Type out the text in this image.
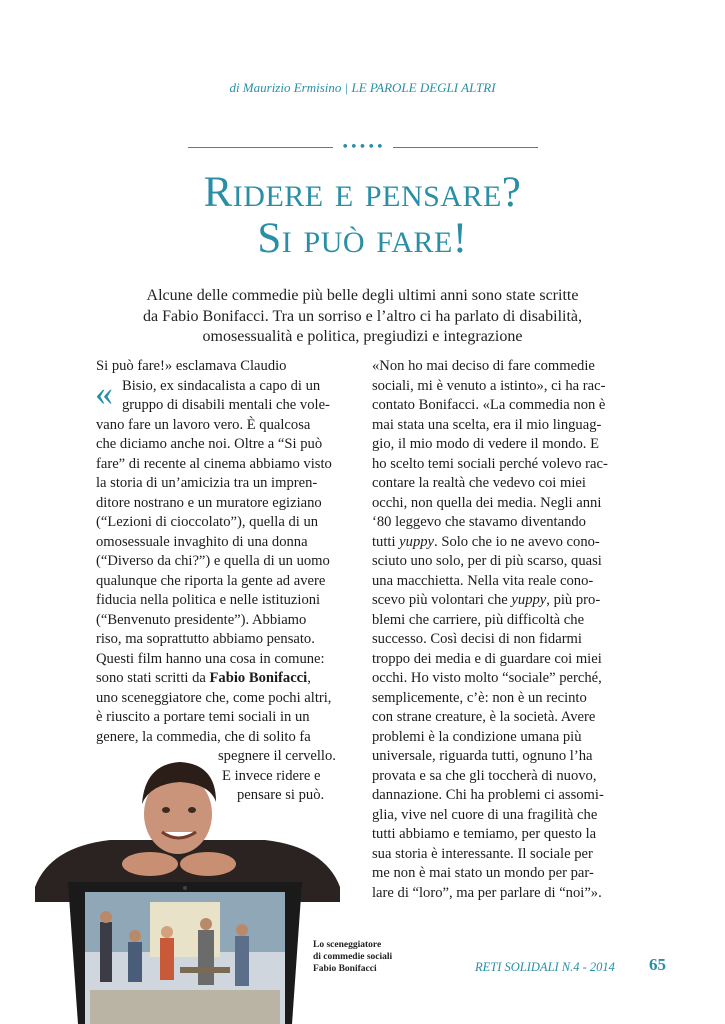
di Maurizio Ermisino | LE PAROLE DEGLI ALTRI
•••••
Ridere e pensare?
Si può fare!
Alcune delle commedie più belle degli ultimi anni sono state scritte
da Fabio Bonifacci. Tra un sorriso e l’altro ci ha parlato di disabilità,
omosessualità e politica, pregiudizi e integrazione
«
Si può fare!» esclamava Claudio
Bisio, ex sindacalista a capo di un
gruppo di disabili mentali che vole-
vano fare un lavoro vero. È qualcosa
che diciamo anche noi. Oltre a “Si può
fare” di recente al cinema abbiamo visto
la storia di un’amicizia tra un impren-
ditore nostrano e un muratore egiziano
(“Lezioni di cioccolato”), quella di un
omosessuale invaghito di una donna
(“Diverso da chi?”) e quella di un uomo
qualunque che riporta la gente ad avere
fiducia nella politica e nelle istituzioni
(“Benvenuto presidente”). Abbiamo
riso, ma soprattutto abbiamo pensato.
Questi film hanno una cosa in comune:
sono stati scritti da Fabio Bonifacci,
uno sceneggiatore che, come pochi altri,
è riuscito a portare temi sociali in un
genere, la commedia, che di solito fa
spegnere il cervello.
E invece ridere e
pensare si può.
«Non ho mai deciso di fare commedie
sociali, mi è venuto a istinto», ci ha rac-
contato Bonifacci. «La commedia non è
mai stata una scelta, era il mio linguag-
gio, il mio modo di vedere il mondo. E
ho scelto temi sociali perché volevo rac-
contare la realtà che vedevo coi miei
occhi, non quella dei media. Negli anni
‘80 leggevo che stavamo diventando
tutti yuppy. Solo che io ne avevo cono-
sciuto uno solo, per di più scarso, quasi
una macchietta. Nella vita reale cono-
scevo più volontari che yuppy, più pro-
blemi che carriere, più difficoltà che
successo. Così decisi di non fidarmi
troppo dei media e di guardare coi miei
occhi. Ho visto molto “sociale” perché,
semplicemente, c’è: non è un recinto
con strane creature, è la società. Avere
problemi è la condizione umana più
universale, riguarda tutti, ognuno l’ha
provata e sa che gli toccherà di nuovo,
dannazione. Chi ha problemi ci assomi-
glia, vive nel cuore di una fragilità che
tutti abbiamo e temiamo, per questo la
sua storia è interessante. Il sociale per
me non è mai stato un mondo per par-
lare di “loro”, ma per parlare di “noi”».
Lo sceneggiatore
di commedie sociali
Fabio Bonifacci	RETI SOLIDALI N.4 - 2014 65
